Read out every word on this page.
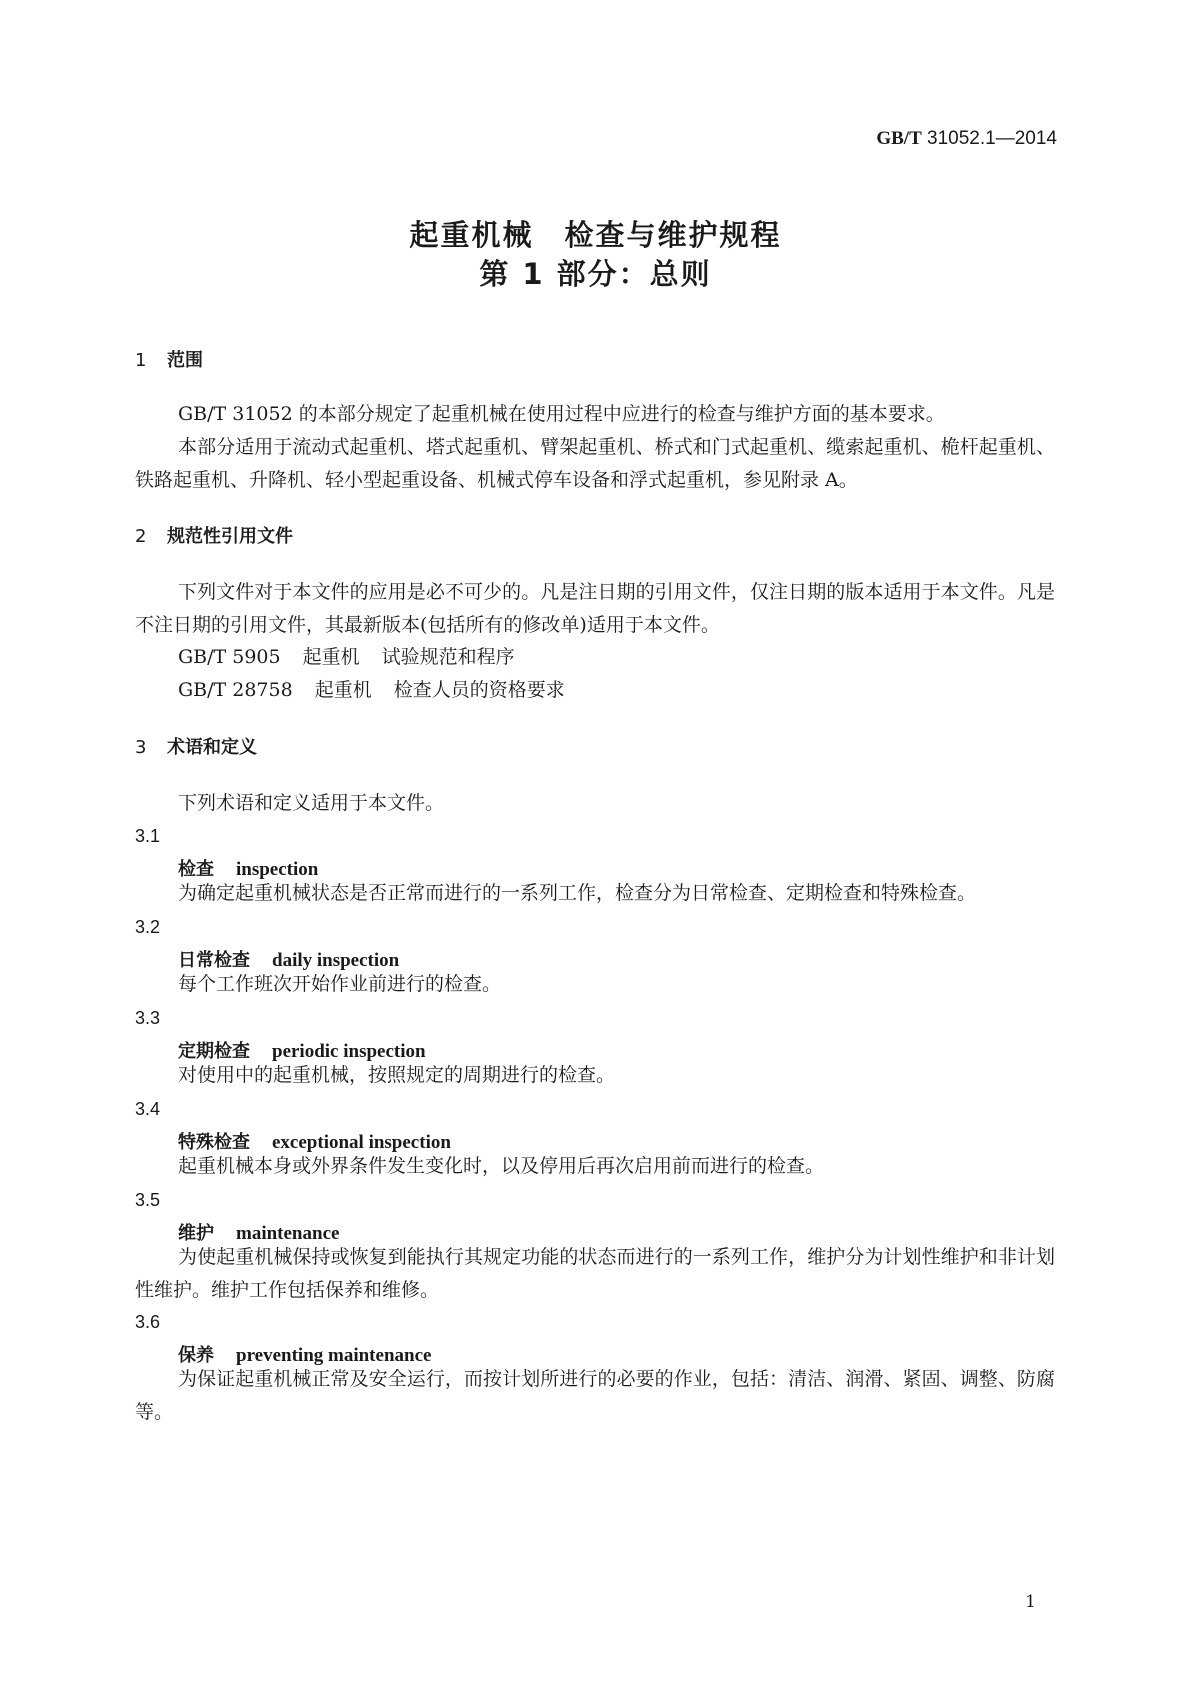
GB/T 31052.1—2014
起重机械　检查与维护规程
第 1 部分：总则
1 范围
GB/T 31052 的本部分规定了起重机械在使用过程中应进行的检查与维护方面的基本要求。
本部分适用于流动式起重机、塔式起重机、臂架起重机、桥式和门式起重机、缆索起重机、桅杆起重机、铁路起重机、升降机、轻小型起重设备、机械式停车设备和浮式起重机，参见附录 A。
2 规范性引用文件
下列文件对于本文件的应用是必不可少的。凡是注日期的引用文件，仅注日期的版本适用于本文件。凡是不注日期的引用文件，其最新版本(包括所有的修改单)适用于本文件。
GB/T 5905 起重机 试验规范和程序
GB/T 28758 起重机 检查人员的资格要求
3 术语和定义
下列术语和定义适用于本文件。
3.1
检查 inspection
为确定起重机械状态是否正常而进行的一系列工作，检查分为日常检查、定期检查和特殊检查。
3.2
日常检查 daily inspection
每个工作班次开始作业前进行的检查。
3.3
定期检查 periodic inspection
对使用中的起重机械，按照规定的周期进行的检查。
3.4
特殊检查 exceptional inspection
起重机械本身或外界条件发生变化时，以及停用后再次启用前而进行的检查。
3.5
维护 maintenance
为使起重机械保持或恢复到能执行其规定功能的状态而进行的一系列工作，维护分为计划性维护和非计划性维护。维护工作包括保养和维修。
3.6
保养 preventing maintenance
为保证起重机械正常及安全运行，而按计划所进行的必要的作业，包括：清洁、润滑、紧固、调整、防腐等。
1
